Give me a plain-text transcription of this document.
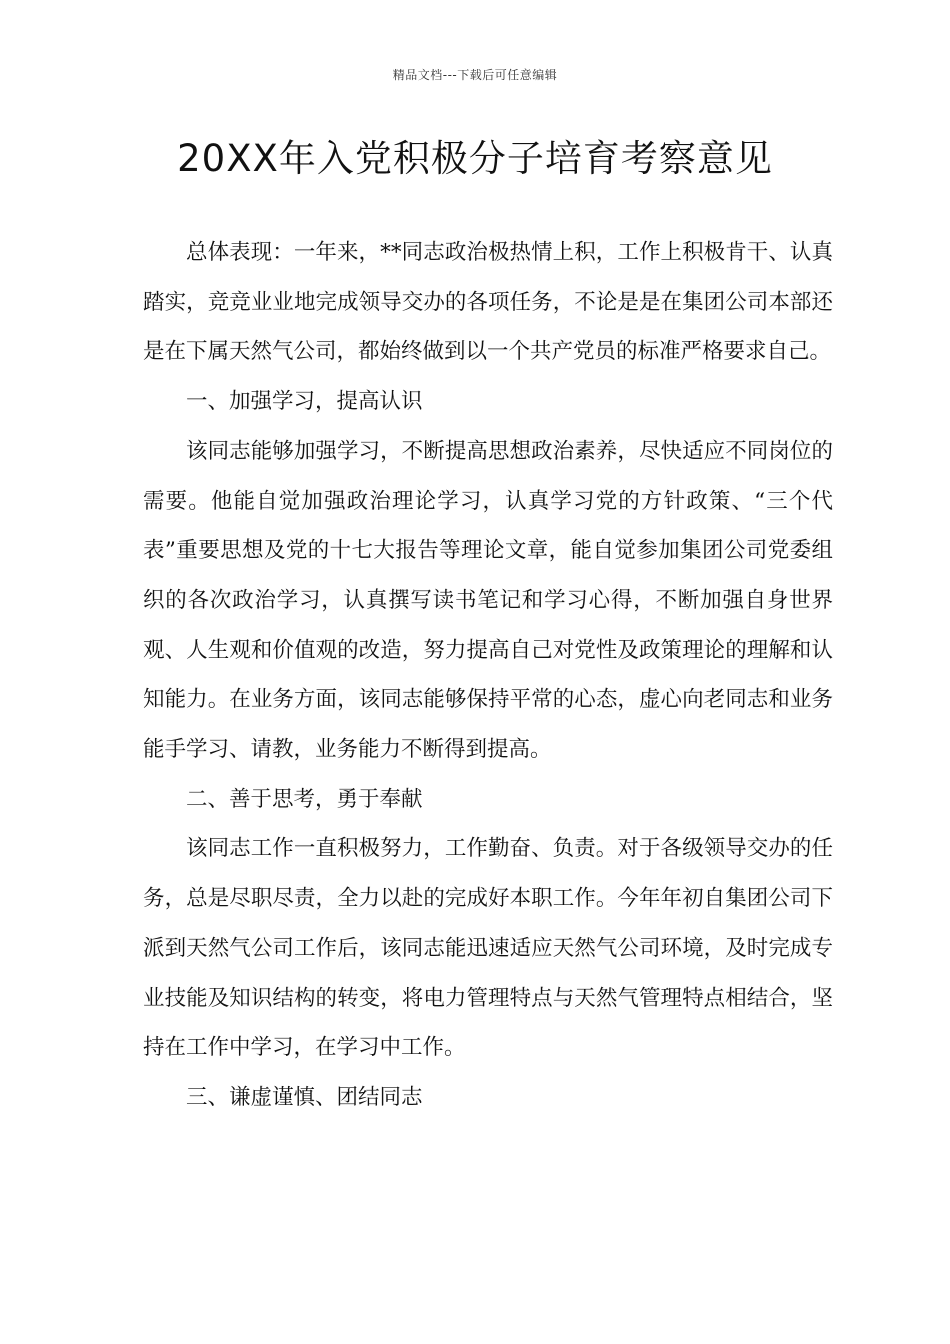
精品文档---下载后可任意编辑
20XX年入党积极分子培育考察意见

总体表现：一年来，**同志政治极热情上积，工作上积极肯干、认真踏实，竞竞业业地完成领导交办的各项任务，不论是是在集团公司本部还是在下属天然气公司，都始终做到以一个共产党员的标准严格要求自己。

一、加强学习，提高认识

该同志能够加强学习，不断提高思想政治素养，尽快适应不同岗位的需要。他能自觉加强政治理论学习，认真学习党的方针政策、“三个代表”重要思想及党的十七大报告等理论文章，能自觉参加集团公司党委组织的各次政治学习，认真撰写读书笔记和学习心得，不断加强自身世界观、人生观和价值观的改造，努力提高自己对党性及政策理论的理解和认知能力。在业务方面，该同志能够保持平常的心态，虚心向老同志和业务能手学习、请教，业务能力不断得到提高。

二、善于思考，勇于奉献

该同志工作一直积极努力，工作勤奋、负责。对于各级领导交办的任务，总是尽职尽责，全力以赴的完成好本职工作。今年年初自集团公司下派到天然气公司工作后，该同志能迅速适应天然气公司环境，及时完成专业技能及知识结构的转变，将电力管理特点与天然气管理特点相结合，坚持在工作中学习，在学习中工作。

三、谦虚谨慎、团结同志
